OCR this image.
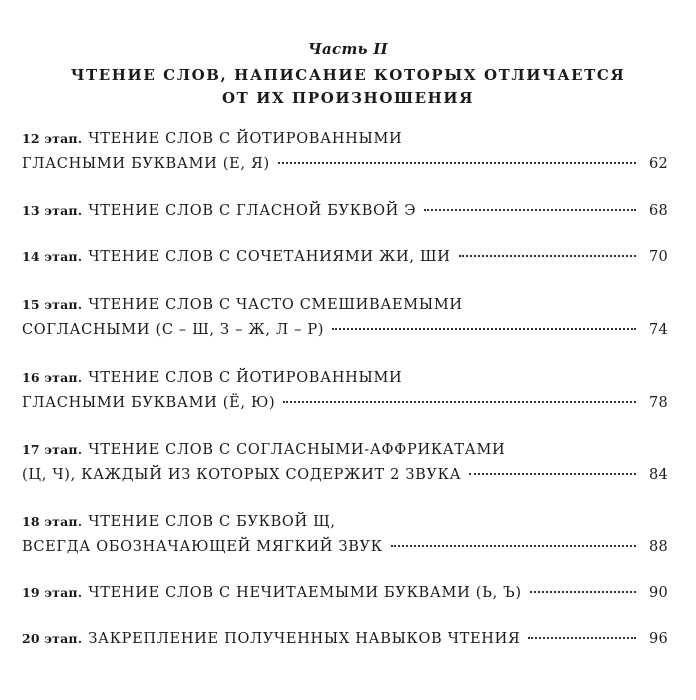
Часть II
ЧТЕНИЕ СЛОВ, НАПИСАНИЕ КОТОРЫХ ОТЛИЧАЕТСЯ
ОТ ИХ ПРОИЗНОШЕНИЯ
12 этап. ЧТЕНИЕ СЛОВ С ЙОТИРОВАННЫМИ
ГЛАСНЫМИ БУКВАМИ (Е, Я)	62
13 этап. ЧТЕНИЕ СЛОВ С ГЛАСНОЙ БУКВОЙ Э	68
14 этап. ЧТЕНИЕ СЛОВ С СОЧЕТАНИЯМИ ЖИ, ШИ	70
15 этап. ЧТЕНИЕ СЛОВ С ЧАСТО СМЕШИВАЕМЫМИ
СОГЛАСНЫМИ (С – Ш, З – Ж, Л – Р)	74
16 этап. ЧТЕНИЕ СЛОВ С ЙОТИРОВАННЫМИ
ГЛАСНЫМИ БУКВАМИ (Ё, Ю)	78
17 этап. ЧТЕНИЕ СЛОВ С СОГЛАСНЫМИ-АФФРИКАТАМИ
(Ц, Ч), КАЖДЫЙ ИЗ КОТОРЫХ СОДЕРЖИТ 2 ЗВУКА	84
18 этап. ЧТЕНИЕ СЛОВ С БУКВОЙ Щ,
ВСЕГДА ОБОЗНАЧАЮЩЕЙ МЯГКИЙ ЗВУК	88
19 этап. ЧТЕНИЕ СЛОВ С НЕЧИТАЕМЫМИ БУКВАМИ (Ь, Ъ)	90
20 этап. ЗАКРЕПЛЕНИЕ ПОЛУЧЕННЫХ НАВЫКОВ ЧТЕНИЯ	96
